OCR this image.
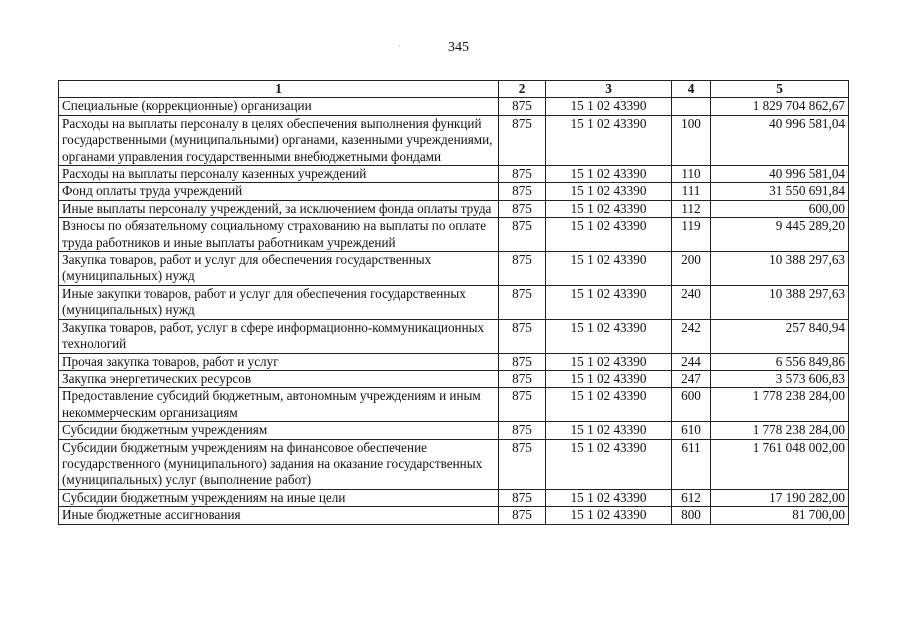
345
ˈ
1	2	3	4	5
Специальные (коррекционные) организации	875	15 1 02 43390		1 829 704 862,67
Расходы на выплаты персоналу в целях обеспечения выполнения функций государственными (муниципальными) органами, казенными учреждениями, органами управления государственными внебюджетными фондами	875	15 1 02 43390	100	40 996 581,04
Расходы на выплаты персоналу казенных учреждений	875	15 1 02 43390	110	40 996 581,04
Фонд оплаты труда учреждений	875	15 1 02 43390	111	31 550 691,84
Иные выплаты персоналу учреждений, за исключением фонда оплаты труда	875	15 1 02 43390	112	600,00
Взносы по обязательному социальному страхованию на выплаты по оплате труда работников и иные выплаты работникам учреждений	875	15 1 02 43390	119	9 445 289,20
Закупка товаров, работ и услуг для обеспечения государственных (муниципальных) нужд	875	15 1 02 43390	200	10 388 297,63
Иные закупки товаров, работ и услуг для обеспечения государственных (муниципальных) нужд	875	15 1 02 43390	240	10 388 297,63
Закупка товаров, работ, услуг в сфере информационно-коммуникационных технологий	875	15 1 02 43390	242	257 840,94
Прочая закупка товаров, работ и услуг	875	15 1 02 43390	244	6 556 849,86
Закупка энергетических ресурсов	875	15 1 02 43390	247	3 573 606,83
Предоставление субсидий бюджетным, автономным учреждениям и иным некоммерческим организациям	875	15 1 02 43390	600	1 778 238 284,00
Субсидии бюджетным учреждениям	875	15 1 02 43390	610	1 778 238 284,00
Субсидии бюджетным учреждениям на финансовое обеспечение государственного (муниципального) задания на оказание государственных (муниципальных) услуг (выполнение работ)	875	15 1 02 43390	611	1 761 048 002,00
Субсидии бюджетным учреждениям на иные цели	875	15 1 02 43390	612	17 190 282,00
Иные бюджетные ассигнования	875	15 1 02 43390	800	81 700,00
